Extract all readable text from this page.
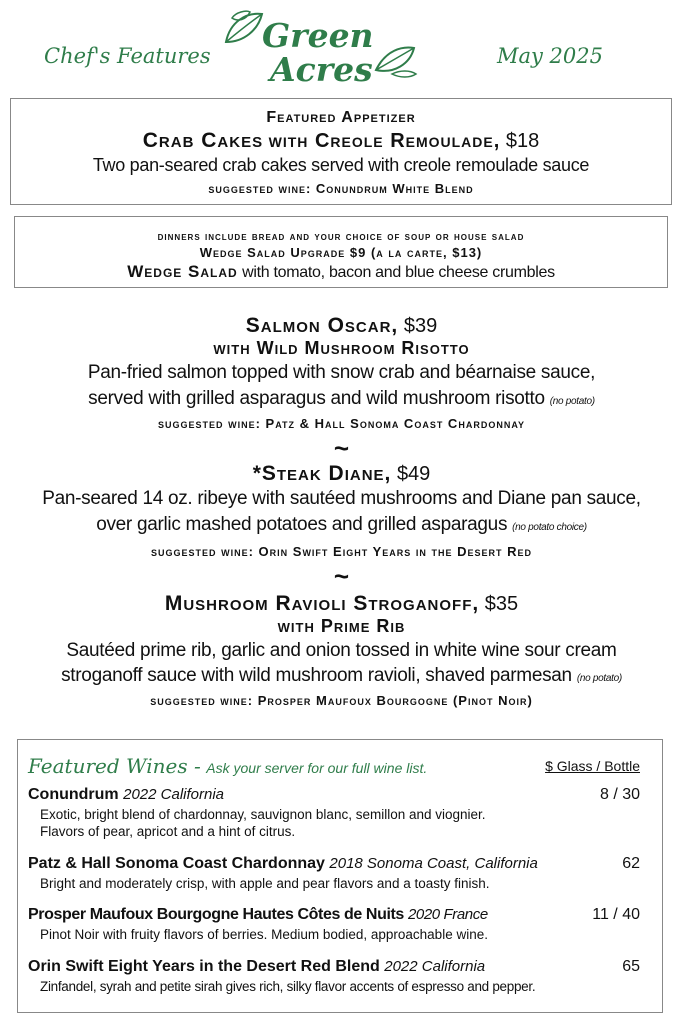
Chef's Features
Green
Acres	May 2025
Featured Appetizer
Crab Cakes with Creole Remoulade, $18
Two pan-seared crab cakes served with creole remoulade sauce
suggested wine: Conundrum White Blend
dinners include bread and your choice of soup or house salad
Wedge Salad Upgrade $9 (a la carte, $13)
Wedge Salad with tomato, bacon and blue cheese crumbles
Salmon Oscar, $39
with Wild Mushroom Risotto
Pan-fried salmon topped with snow crab and béarnaise sauce,
served with grilled asparagus and wild mushroom risotto (no potato)
suggested wine: Patz & Hall Sonoma Coast Chardonnay
~
*Steak Diane, $49
Pan-seared 14 oz. ribeye with sautéed mushrooms and Diane pan sauce,
over garlic mashed potatoes and grilled asparagus (no potato choice)
suggested wine: Orin Swift Eight Years in the Desert Red
~
Mushroom Ravioli Stroganoff, $35
with Prime Rib
Sautéed prime rib, garlic and onion tossed in white wine sour cream
stroganoff sauce with wild mushroom ravioli, shaved parmesan (no potato)
suggested wine: Prosper Maufoux Bourgogne (Pinot Noir)
Featured Wines - Ask your server for our full wine list.	$ Glass / Bottle
Conundrum 2022 California	8 / 30
Exotic, bright blend of chardonnay, sauvignon blanc, semillon and viognier.
Flavors of pear, apricot and a hint of citrus.
Patz & Hall Sonoma Coast Chardonnay 2018 Sonoma Coast, California	62
Bright and moderately crisp, with apple and pear flavors and a toasty finish.
Prosper Maufoux Bourgogne Hautes Côtes de Nuits 2020 France	11 / 40
Pinot Noir with fruity flavors of berries. Medium bodied, approachable wine.
Orin Swift Eight Years in the Desert Red Blend 2022 California	65
Zinfandel, syrah and petite sirah gives rich, silky flavor accents of espresso and pepper.
